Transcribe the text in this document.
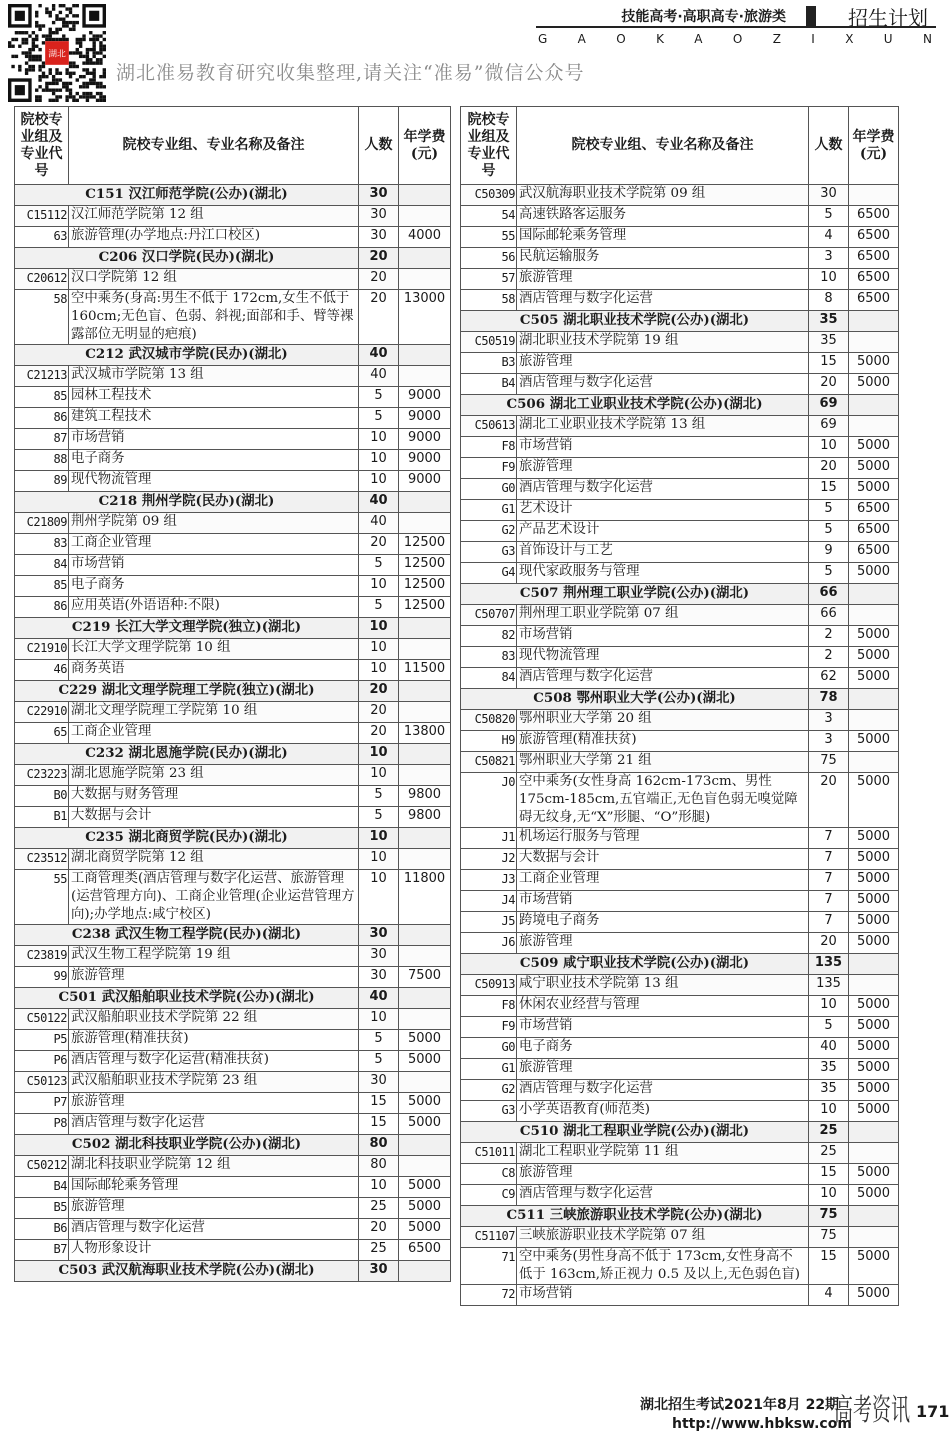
湖北
湖北准易教育研究收集整理,请关注“准易”微信公众号
技能高考·高职高专·旅游类	招生计划
G A O K A O Z I X U N
院校专业组及专业代号	院校专业组、专业名称及备注	人数	年学费(元)
C151 汉江师范学院(公办)(湖北)		30	
C15112	汉江师范学院第 12 组	30	
63	旅游管理(办学地点:丹江口校区)	30	4000
C206 汉口学院(民办)(湖北)		20	
C20612	汉口学院第 12 组	20	
58	空中乘务(身高:男生不低于 172cm,女生不低于 160cm;无色盲、色弱、斜视;面部和手、臂等裸露部位无明显的疤痕)	20	13000
C212 武汉城市学院(民办)(湖北)		40	
C21213	武汉城市学院第 13 组	40	
85	园林工程技术	5	9000
86	建筑工程技术	5	9000
87	市场营销	10	9000
88	电子商务	10	9000
89	现代物流管理	10	9000
C218 荆州学院(民办)(湖北)		40	
C21809	荆州学院第 09 组	40	
83	工商企业管理	20	12500
84	市场营销	5	12500
85	电子商务	10	12500
86	应用英语(外语语种:不限)	5	12500
C219 长江大学文理学院(独立)(湖北)		10	
C21910	长江大学文理学院第 10 组	10	
46	商务英语	10	11500
C229 湖北文理学院理工学院(独立)(湖北)		20	
C22910	湖北文理学院理工学院第 10 组	20	
65	工商企业管理	20	13800
C232 湖北恩施学院(民办)(湖北)		10	
C23223	湖北恩施学院第 23 组	10	
B0	大数据与财务管理	5	9800
B1	大数据与会计	5	9800
C235 湖北商贸学院(民办)(湖北)		10	
C23512	湖北商贸学院第 12 组	10	
55	工商管理类(酒店管理与数字化运营、旅游管理(运营管理方向)、工商企业管理(企业运营管理方向);办学地点:咸宁校区)	10	11800
C238 武汉生物工程学院(民办)(湖北)		30	
C23819	武汉生物工程学院第 19 组	30	
99	旅游管理	30	7500
C501 武汉船舶职业技术学院(公办)(湖北)		40	
C50122	武汉船舶职业技术学院第 22 组	10	
P5	旅游管理(精准扶贫)	5	5000
P6	酒店管理与数字化运营(精准扶贫)	5	5000
C50123	武汉船舶职业技术学院第 23 组	30	
P7	旅游管理	15	5000
P8	酒店管理与数字化运营	15	5000
C502 湖北科技职业学院(公办)(湖北)		80	
C50212	湖北科技职业学院第 12 组	80	
B4	国际邮轮乘务管理	10	5000
B5	旅游管理	25	5000
B6	酒店管理与数字化运营	20	5000
B7	人物形象设计	25	6500
C503 武汉航海职业技术学院(公办)(湖北)		30	
院校专业组及专业代号	院校专业组、专业名称及备注	人数	年学费(元)
C50309	武汉航海职业技术学院第 09 组	30	
54	高速铁路客运服务	5	6500
55	国际邮轮乘务管理	4	6500
56	民航运输服务	3	6500
57	旅游管理	10	6500
58	酒店管理与数字化运营	8	6500
C505 湖北职业技术学院(公办)(湖北)		35	
C50519	湖北职业技术学院第 19 组	35	
B3	旅游管理	15	5000
B4	酒店管理与数字化运营	20	5000
C506 湖北工业职业技术学院(公办)(湖北)		69	
C50613	湖北工业职业技术学院第 13 组	69	
F8	市场营销	10	5000
F9	旅游管理	20	5000
G0	酒店管理与数字化运营	15	5000
G1	艺术设计	5	6500
G2	产品艺术设计	5	6500
G3	首饰设计与工艺	9	6500
G4	现代家政服务与管理	5	5000
C507 荆州理工职业学院(公办)(湖北)		66	
C50707	荆州理工职业学院第 07 组	66	
82	市场营销	2	5000
83	现代物流管理	2	5000
84	酒店管理与数字化运营	62	5000
C508 鄂州职业大学(公办)(湖北)		78	
C50820	鄂州职业大学第 20 组	3	
H9	旅游管理(精准扶贫)	3	5000
C50821	鄂州职业大学第 21 组	75	
J0	空中乘务(女性身高 162cm-173cm、男性 175cm-185cm,五官端正,无色盲色弱无嗅觉障碍无纹身,无“X”形腿、“O”形腿)	20	5000
J1	机场运行服务与管理	7	5000
J2	大数据与会计	7	5000
J3	工商企业管理	7	5000
J4	市场营销	7	5000
J5	跨境电子商务	7	5000
J6	旅游管理	20	5000
C509 咸宁职业技术学院(公办)(湖北)		135	
C50913	咸宁职业技术学院第 13 组	135	
F8	休闲农业经营与管理	10	5000
F9	市场营销	5	5000
G0	电子商务	40	5000
G1	旅游管理	35	5000
G2	酒店管理与数字化运营	35	5000
G3	小学英语教育(师范类)	10	5000
C510 湖北工程职业学院(公办)(湖北)		25	
C51011	湖北工程职业学院第 11 组	25	
C8	旅游管理	15	5000
C9	酒店管理与数字化运营	10	5000
C511 三峡旅游职业技术学院(公办)(湖北)		75	
C51107	三峡旅游职业技术学院第 07 组	75	
71	空中乘务(男性身高不低于 173cm,女性身高不低于 163cm,矫正视力 0.5 及以上,无色弱色盲)	15	5000
72	市场营销	4	5000
湖北招生考试2021年8月 22期
http://www.hbksw.com
高考资讯 171
